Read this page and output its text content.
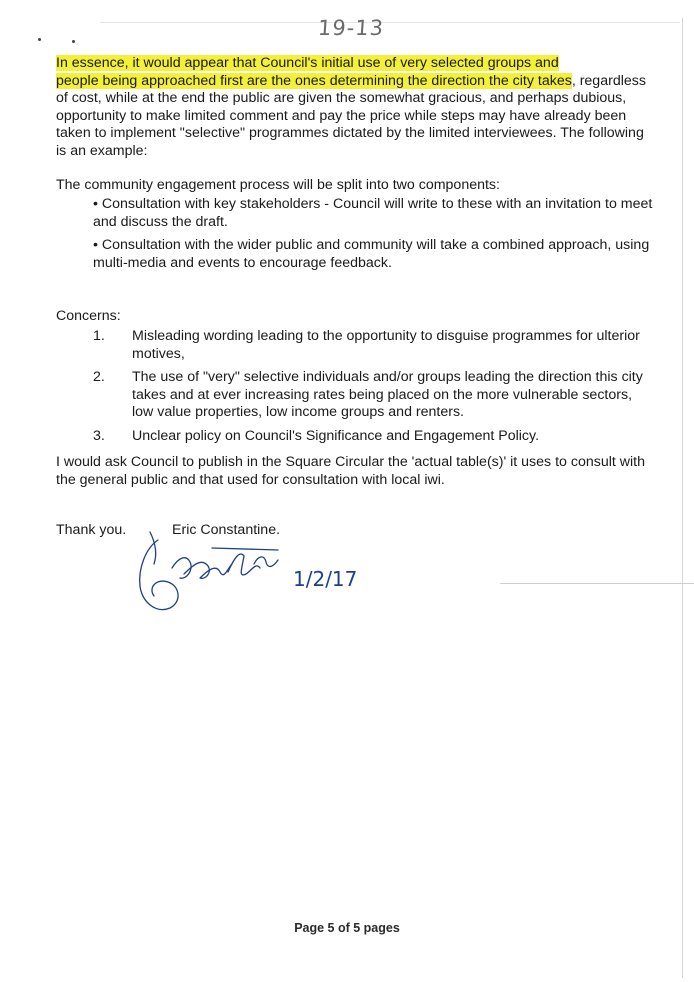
19-13
In essence, it would appear that Council's initial use of very selected groups and
people being approached first are the ones determining the direction the city takes, regardless of cost, while at the end the public are given the somewhat gracious, and perhaps dubious, opportunity to make limited comment and pay the price while steps may have already been taken to implement "selective" programmes dictated by the limited interviewees. The following is an example:
The community engagement process will be split into two components:

• Consultation with key stakeholders - Council will write to these with an invitation to meet and discuss the draft.

• Consultation with the wider public and community will take a combined approach, using multi-media and events to encourage feedback.

Concerns:
1.	Misleading wording leading to the opportunity to disguise programmes for ulterior motives,
2.	The use of "very" selective individuals and/or groups leading the direction this city takes and at ever increasing rates being placed on the more vulnerable sectors, low value properties, low income groups and renters.
3.	Unclear policy on Council's Significance and Engagement Policy.
I would ask Council to publish in the Square Circular the 'actual table(s)' it uses to consult with the general public and that used for consultation with local iwi.
Thank you.	Eric Constantine.
1/2/17
Page 5 of 5 pages
